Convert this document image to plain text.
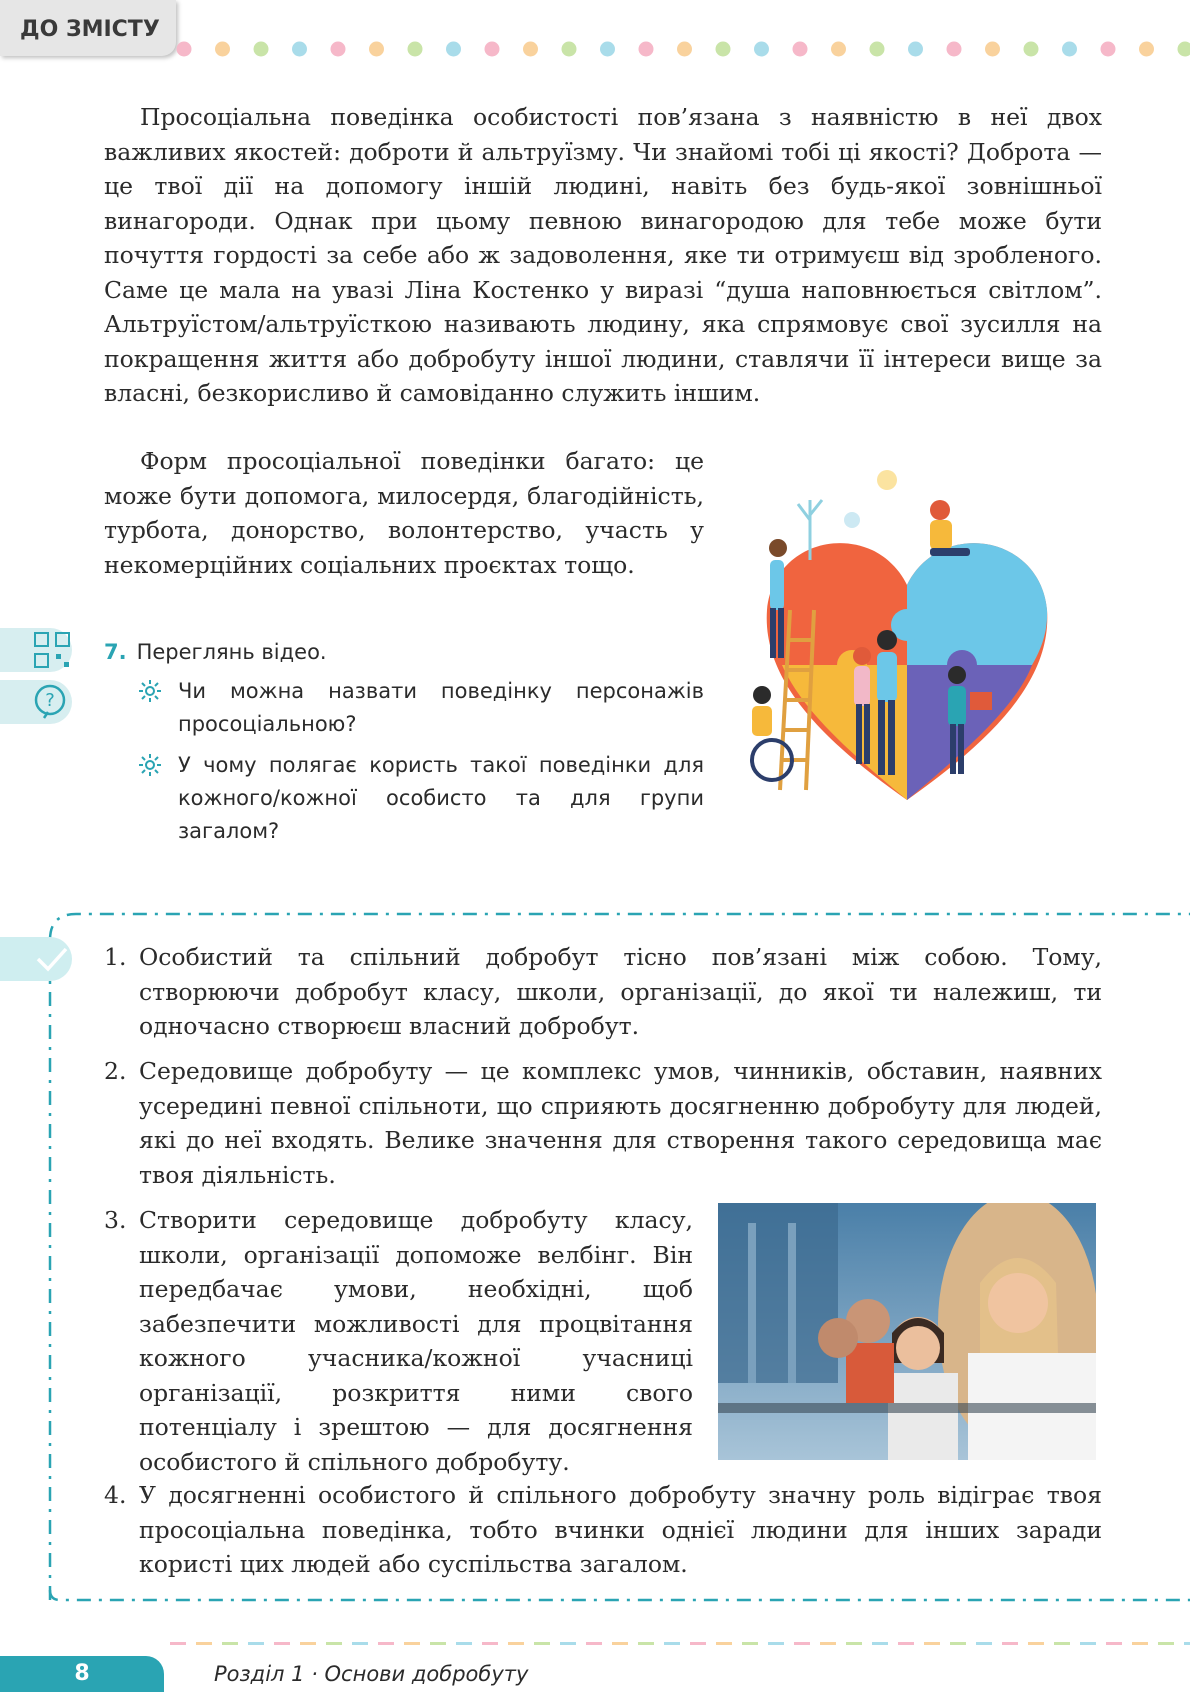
ДО ЗМІСТУ

Просоціальна поведінка особистості пов’язана з наявністю в неї двох важливих якостей: доброти й альтруїзму. Чи знайомі тобі ці якості? Доброта — це твої дії на допомогу іншій людині, навіть без будь-якої зовнішньої винагороди. Однак при цьому певною винагородою для тебе може бути почуття гордості за себе або ж задоволення, яке ти отримуєш від зробленого. Саме це мала на увазі Ліна Костенко у виразі “душа наповнюється світлом”. Альтруїстом/альтруїсткою називають людину, яка спрямовує свої зусилля на покращення життя або добробуту іншої людини, ставлячи її інтереси вище за власні, безкорисливо й самовіданно служить іншим.

Форм просоціальної поведінки багато: це може бути допомога, милосердя, благодійність, турбота, донорство, волонтерство, участь у некомерційних соціальних проєктах тощо.

?
7. Переглянь відео.
Чи можна назвати поведінку персонажів просоціальною?
У чому полягає користь такої поведінки для кожного/кожної особисто та для групи загалом?
1. Особистий та спільний добробут тісно пов’язані між собою. Тому, створюючи добробут класу, школи, організації, до якої ти належиш, ти одночасно створюєш власний добробут.
2. Середовище добробуту — це комплекс умов, чинників, обставин, наявних усередині певної спільноти, що сприяють досягненню добробуту для людей, які до неї входять. Велике значення для створення такого середовища має твоя діяльність.
3. Створити середовище добробуту класу, школи, організації допоможе велбінг. Він передбачає умови, необхідні, щоб забезпечити можливості для процвітання кожного учасника/кожної учасниці організації, розкриття ними свого потенціалу і зрештою — для досягнення особистого й спільного добробуту.
4. У досягненні особистого й спільного добробуту значну роль відіграє твоя просоціальна поведінка, тобто вчинки однієї людини для інших заради користі цих людей або суспільства загалом.
8	Розділ 1 · Основи добробуту
